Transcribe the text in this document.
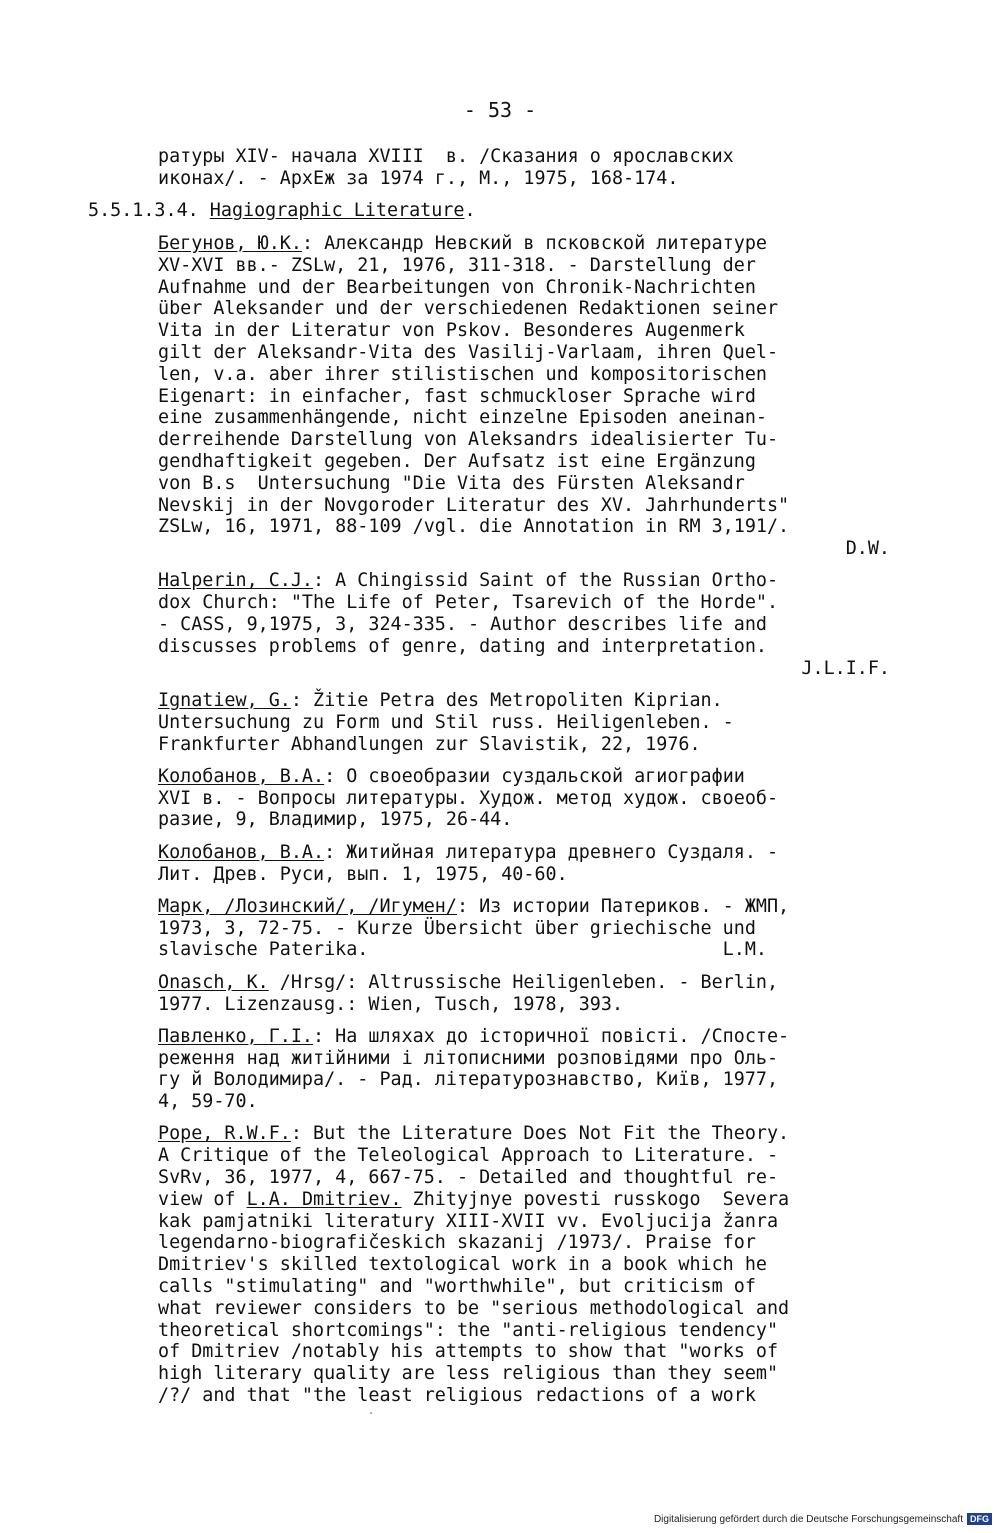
- 53 -
ратуры XIV- начала XVIII  в. /Сказания о ярославских
иконах/. - АрхЕж за 1974 г., М., 1975, 168-174.
5.5.1.3.4. Hagiographic Literature.
Бегунов, Ю.К.: Александр Невский в псковской литературе
XV-XVI вв.- ZSLw, 21, 1976, 311-318. - Darstellung der
Aufnahme und der Bearbeitungen von Chronik-Nachrichten
über Aleksander und der verschiedenen Redaktionen seiner
Vita in der Literatur von Pskov. Besonderes Augenmerk
gilt der Aleksandr-Vita des Vasilij-Varlaam, ihren Quel-
len, v.a. aber ihrer stilistischen und kompositorischen
Eigenart: in einfacher, fast schmuckloser Sprache wird
eine zusammenhängende, nicht einzelne Episoden aneinan-
derreihende Darstellung von Aleksandrs idealisierter Tu-
gendhaftigkeit gegeben. Der Aufsatz ist eine Ergänzung
von B.s  Untersuchung "Die Vita des Fürsten Aleksandr
Nevskij in der Novgoroder Literatur des XV. Jahrhunderts"
ZSLw, 16, 1971, 88-109 /vgl. die Annotation in RM 3,191/.
D.W.
Halperin, C.J.: A Chingissid Saint of the Russian Ortho-
dox Church: "The Life of Peter, Tsarevich of the Horde".
- CASS, 9,1975, 3, 324-335. - Author describes life and
discusses problems of genre, dating and interpretation.
J.L.I.F.
Ignatiew, G.: Žitie Petra des Metropoliten Kiprian.
Untersuchung zu Form und Stil russ. Heiligenleben. -
Frankfurter Abhandlungen zur Slavistik, 22, 1976.
Колобанов, В.А.: О своеобразии суздальской агиографии
XVI в. - Вопросы литературы. Худож. метод худож. своеоб-
разие, 9, Владимир, 1975, 26-44.
Колобанов, В.А.: Житийная литература древнего Суздаля. -
Лит. Древ. Руси, вып. 1, 1975, 40-60.
Марк, /Лозинский/, /Игумен/: Из истории Патериков. - ЖМП,
1973, 3, 72-75. - Kurze Übersicht über griechische und
slavische Paterika.                                L.M.
Onasch, K. /Hrsg/: Altrussische Heiligenleben. - Berlin,
1977. Lizenzausg.: Wien, Tusch, 1978, 393.
Павленко, Г.І.: На шляхах до історичної повісті. /Спосте-
реження над житійними і літописними розповідями про Оль-
гу й Володимира/. - Рад. літературознавство, Київ, 1977,
4, 59-70.
Pope, R.W.F.: But the Literature Does Not Fit the Theory.
A Critique of the Teleological Approach to Literature. -
SvRv, 36, 1977, 4, 667-75. - Detailed and thoughtful re-
view of L.A. Dmitriev. Zhityjnye povesti russkogo  Severa
kak pamjatniki literatury XIII-XVII vv. Evoljucija žanra
legendarno-biografičeskich skazanij /1973/. Praise for
Dmitriev's skilled textological work in a book which he
calls "stimulating" and "worthwhile", but criticism of
what reviewer considers to be "serious methodological and
theoretical shortcomings": the "anti-religious tendency"
of Dmitriev /notably his attempts to show that "works of
high literary quality are less religious than they seem"
/?/ and that "the least religious redactions of a work
Digitalisierung gefördert durch die Deutsche Forschungsgemeinschaft DFG
